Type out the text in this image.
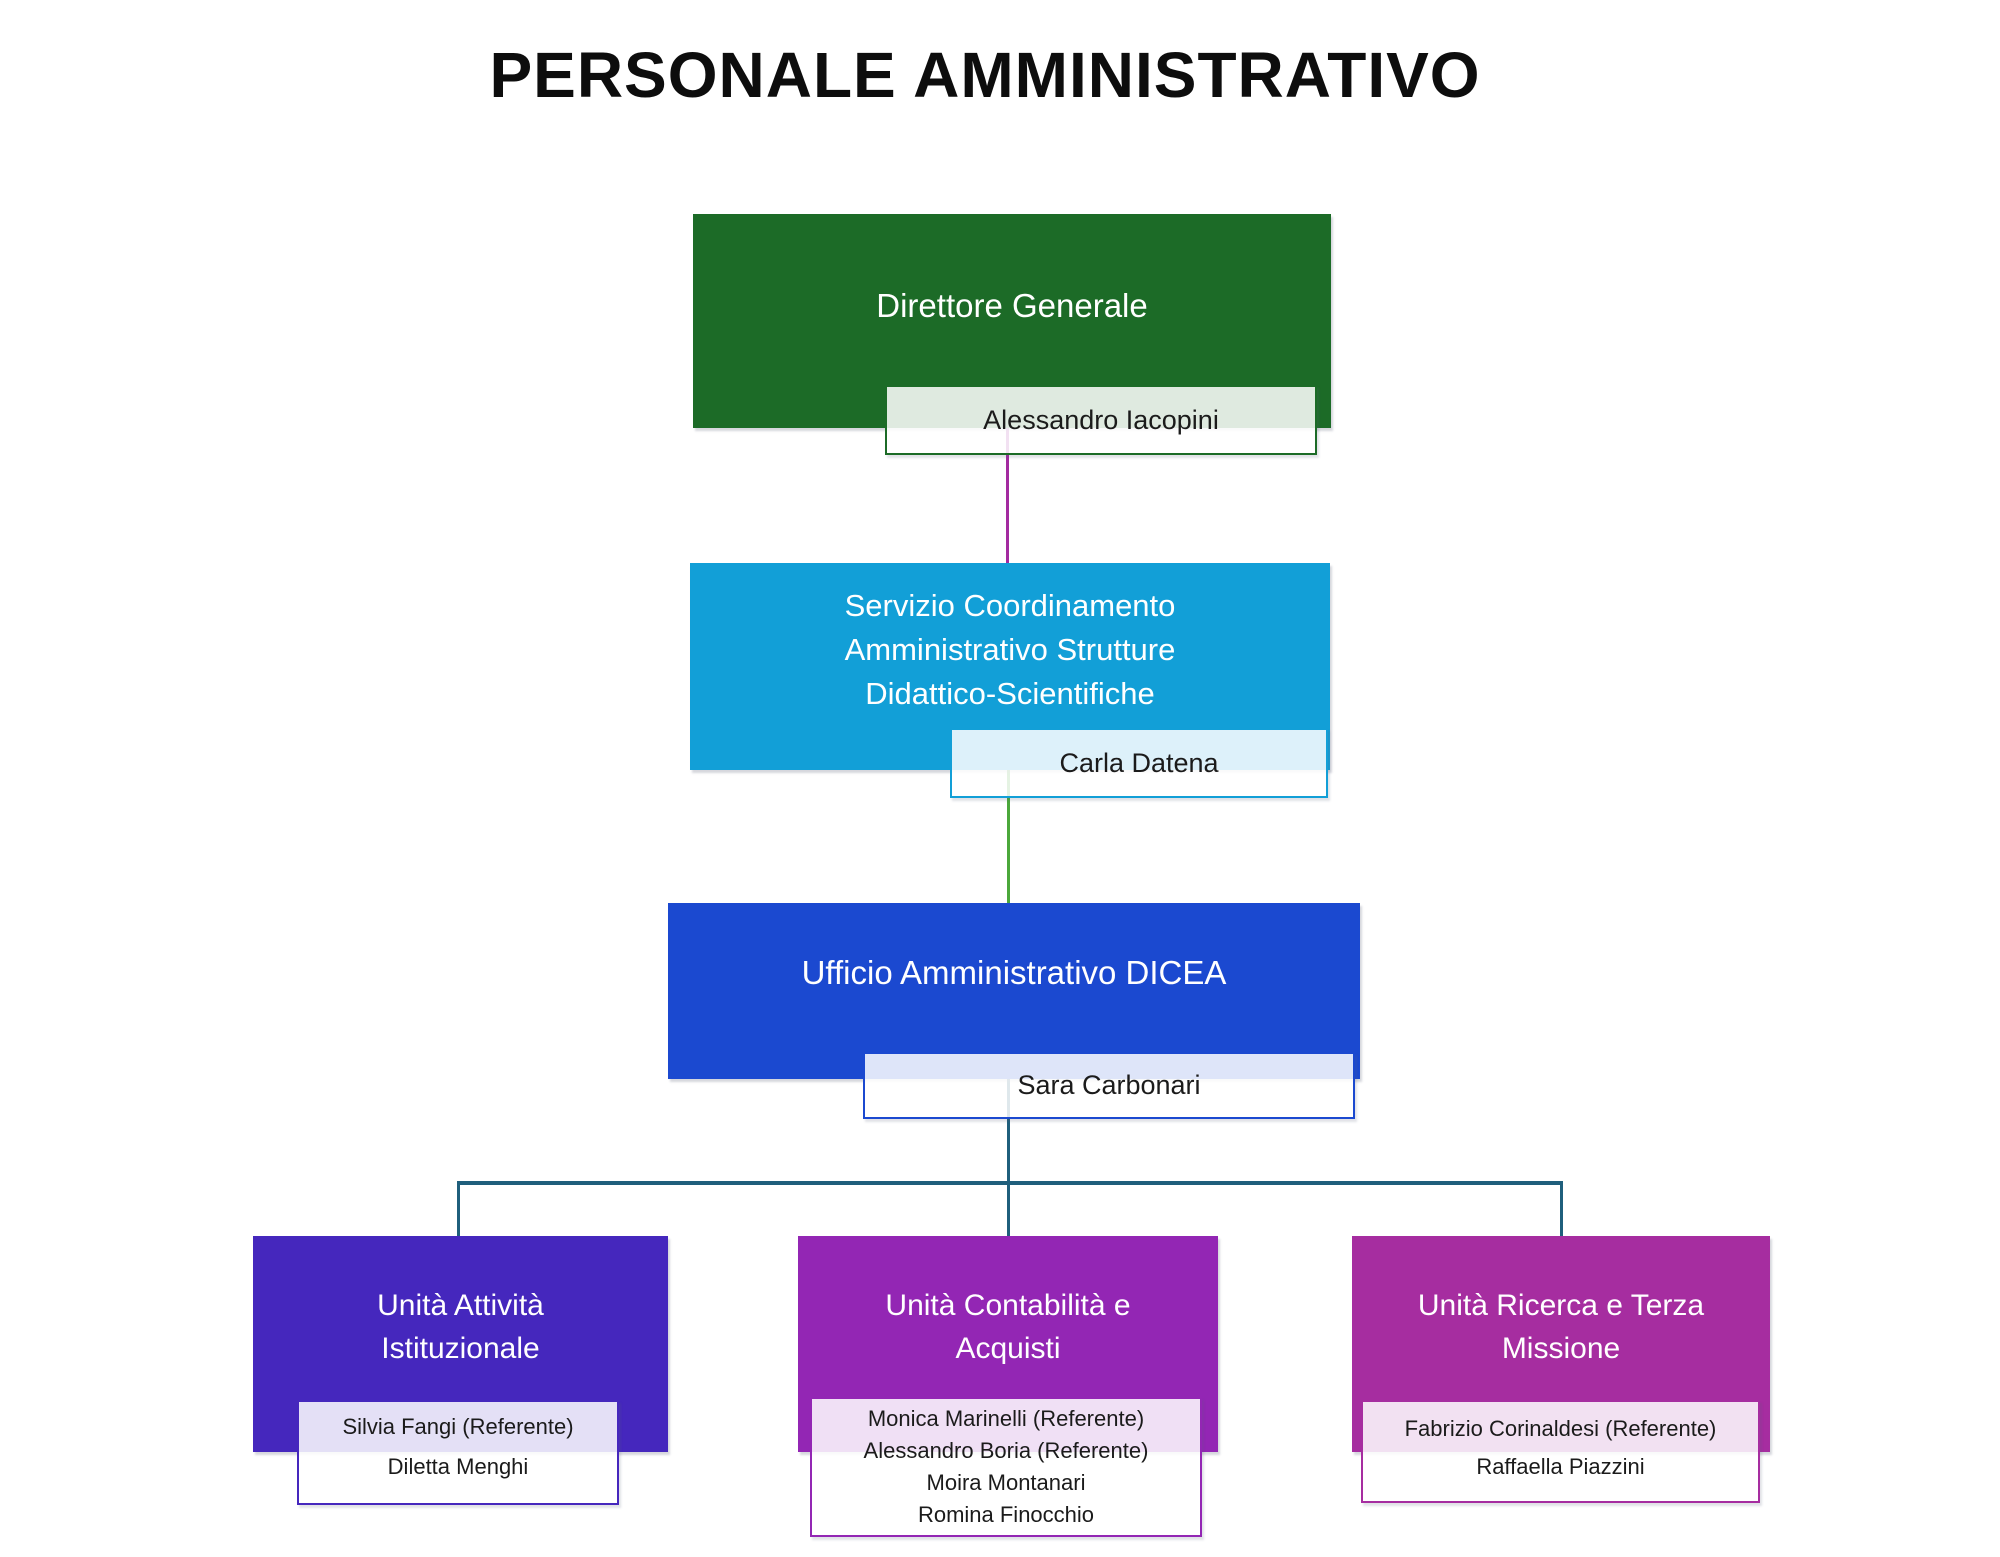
PERSONALE AMMINISTRATIVO
Direttore Generale
Alessandro Iacopini
Servizio Coordinamento
Amministrativo Strutture
Didattico-Scientifiche
Carla Datena
Ufficio Amministrativo DICEA
Sara Carbonari
Unità Attività
Istituzionale
Silvia Fangi (Referente)
Diletta Menghi
Unità Contabilità e
Acquisti
Monica Marinelli (Referente)
Alessandro Boria (Referente)
Moira Montanari
Romina Finocchio
Unità Ricerca e Terza
Missione
Fabrizio Corinaldesi (Referente)
Raffaella Piazzini
